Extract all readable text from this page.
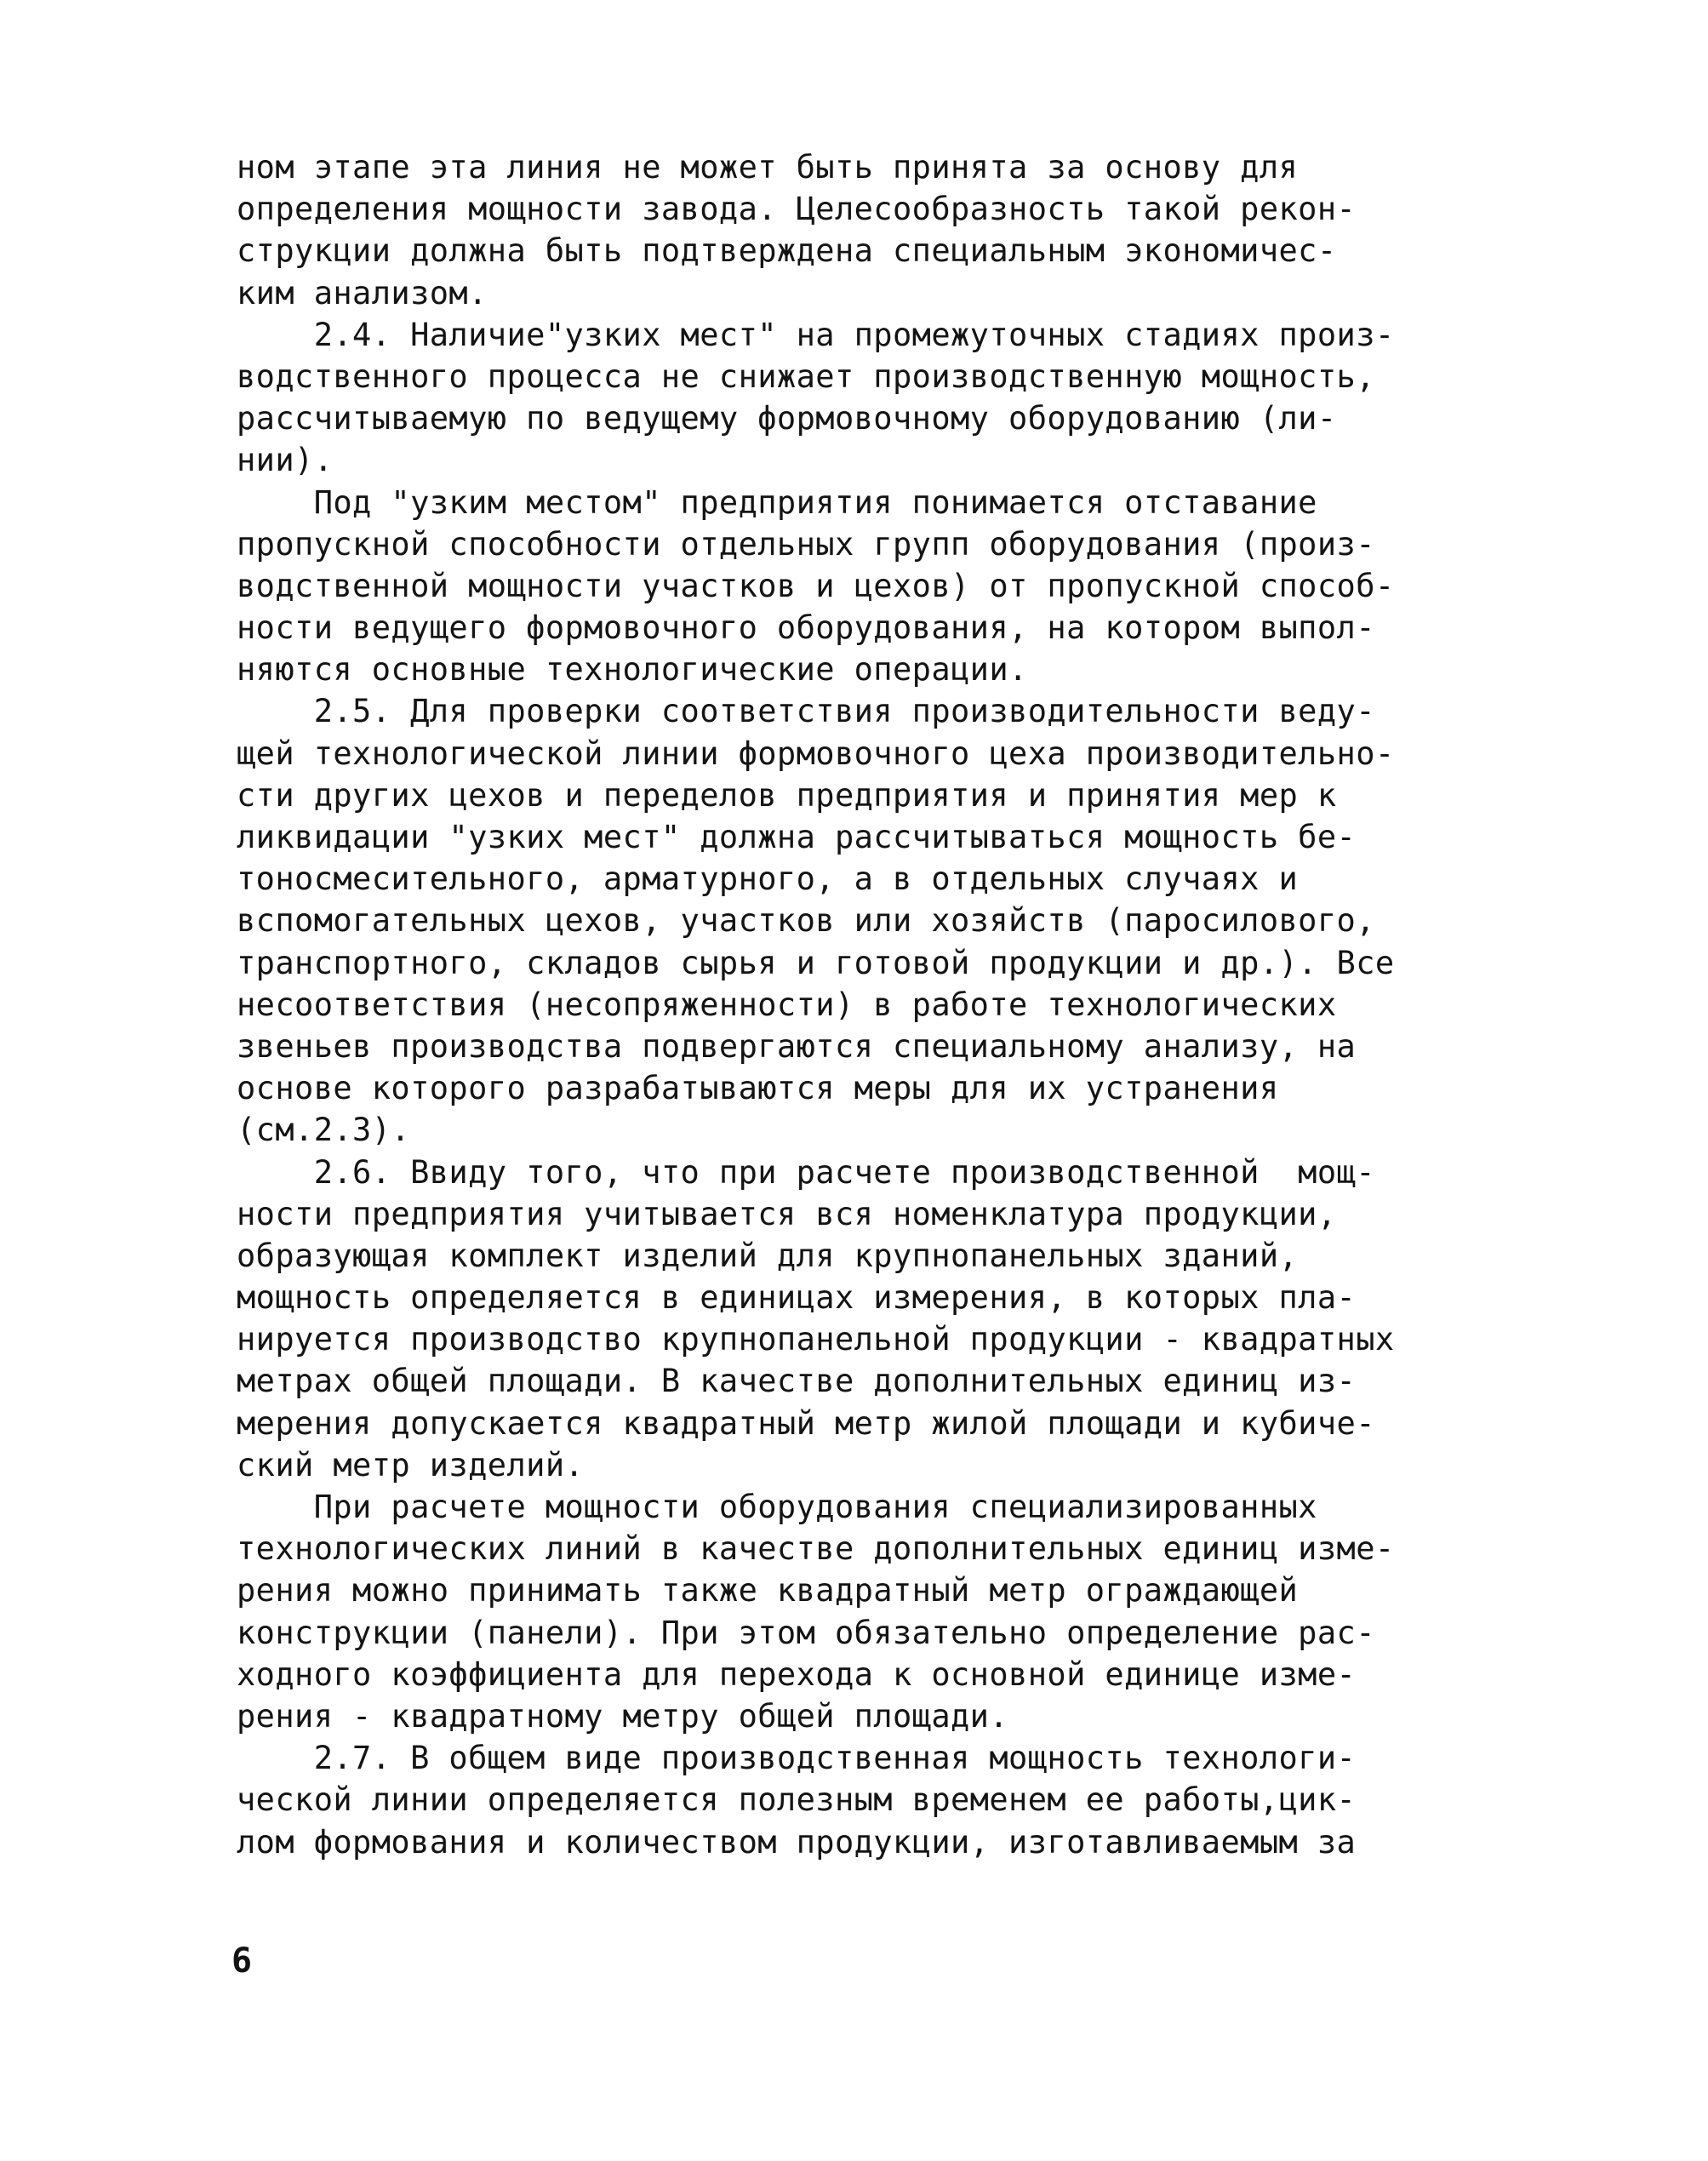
ном этапе эта линия не может быть принята за основу для
определения мощности завода. Целесообразность такой рекон-
струкции должна быть подтверждена специальным экономичес-
ким анализом.
2.4. Наличие"узких мест" на промежуточных стадиях произ-
водственного процесса не снижает производственную мощность,
рассчитываемую по ведущему формовочному оборудованию (ли-
нии).
Под "узким местом" предприятия понимается отставание
пропускной способности отдельных групп оборудования (произ-
водственной мощности участков и цехов) от пропускной способ-
ности ведущего формовочного оборудования, на котором выпол-
няются основные технологические операции.
2.5. Для проверки соответствия производительности веду-
щей технологической линии формовочного цеха производительно-
сти других цехов и переделов предприятия и принятия мер к
ликвидации "узких мест" должна рассчитываться мощность бе-
тоносмесительного, арматурного, а в отдельных случаях и
вспомогательных цехов, участков или хозяйств (паросилового,
транспортного, складов сырья и готовой продукции и др.). Все
несоответствия (несопряженности) в работе технологических
звеньев производства подвергаются специальному анализу, на
основе которого разрабатываются меры для их устранения
(см.2.3).
2.6. Ввиду того, что при расчете производственной  мощ-
ности предприятия учитывается вся номенклатура продукции,
образующая комплект изделий для крупнопанельных зданий,
мощность определяется в единицах измерения, в которых пла-
нируется производство крупнопанельной продукции - квадратных
метрах общей площади. В качестве дополнительных единиц из-
мерения допускается квадратный метр жилой площади и кубиче-
ский метр изделий.
При расчете мощности оборудования специализированных
технологических линий в качестве дополнительных единиц изме-
рения можно принимать также квадратный метр ограждающей
конструкции (панели). При этом обязательно определение рас-
ходного коэффициента для перехода к основной единице изме-
рения - квадратному метру общей площади.
2.7. В общем виде производственная мощность технологи-
ческой линии определяется полезным временем ее работы,цик-
лом формования и количеством продукции, изготавливаемым за
6
